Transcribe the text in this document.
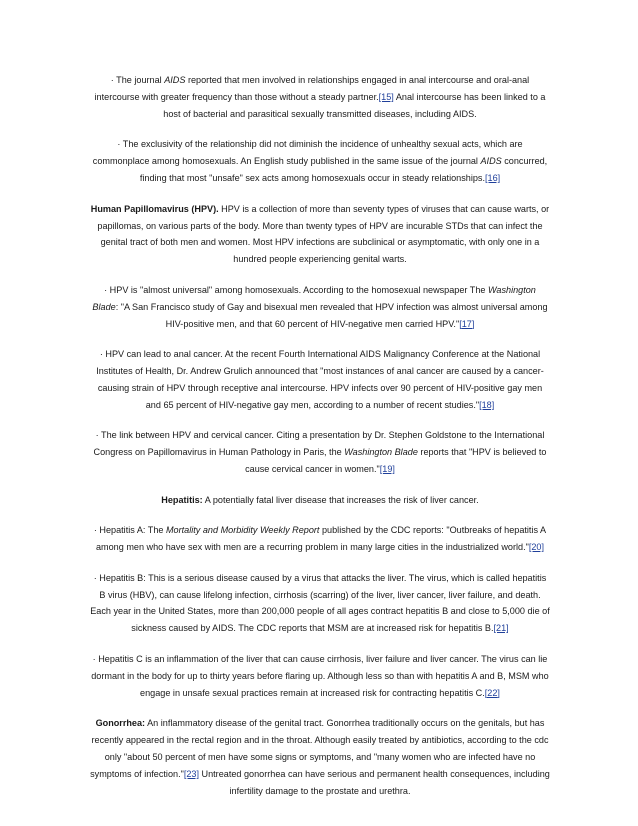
· The journal AIDS reported that men involved in relationships engaged in anal intercourse and oral-anal intercourse with greater frequency than those without a steady partner.[15] Anal intercourse has been linked to a host of bacterial and parasitical sexually transmitted diseases, including AIDS.

· The exclusivity of the relationship did not diminish the incidence of unhealthy sexual acts, which are commonplace among homosexuals. An English study published in the same issue of the journal AIDS concurred, finding that most "unsafe" sex acts among homosexuals occur in steady relationships.[16]

Human Papillomavirus (HPV). HPV is a collection of more than seventy types of viruses that can cause warts, or papillomas, on various parts of the body. More than twenty types of HPV are incurable STDs that can infect the genital tract of both men and women. Most HPV infections are subclinical or asymptomatic, with only one in a hundred people experiencing genital warts.

· HPV is "almost universal" among homosexuals. According to the homosexual newspaper The Washington Blade: "A San Francisco study of Gay and bisexual men revealed that HPV infection was almost universal among HIV-positive men, and that 60 percent of HIV-negative men carried HPV."[17]

· HPV can lead to anal cancer. At the recent Fourth International AIDS Malignancy Conference at the National Institutes of Health, Dr. Andrew Grulich announced that "most instances of anal cancer are caused by a cancer-causing strain of HPV through receptive anal intercourse. HPV infects over 90 percent of HIV-positive gay men and 65 percent of HIV-negative gay men, according to a number of recent studies."[18]

· The link between HPV and cervical cancer. Citing a presentation by Dr. Stephen Goldstone to the International Congress on Papillomavirus in Human Pathology in Paris, the Washington Blade reports that "HPV is believed to cause cervical cancer in women."[19]

Hepatitis: A potentially fatal liver disease that increases the risk of liver cancer.

· Hepatitis A: The Mortality and Morbidity Weekly Report published by the CDC reports: "Outbreaks of hepatitis A among men who have sex with men are a recurring problem in many large cities in the industrialized world."[20]

· Hepatitis B: This is a serious disease caused by a virus that attacks the liver. The virus, which is called hepatitis B virus (HBV), can cause lifelong infection, cirrhosis (scarring) of the liver, liver cancer, liver failure, and death. Each year in the United States, more than 200,000 people of all ages contract hepatitis B and close to 5,000 die of sickness caused by AIDS. The CDC reports that MSM are at increased risk for hepatitis B.[21]

· Hepatitis C is an inflammation of the liver that can cause cirrhosis, liver failure and liver cancer. The virus can lie dormant in the body for up to thirty years before flaring up. Although less so than with hepatitis A and B, MSM who engage in unsafe sexual practices remain at increased risk for contracting hepatitis C.[22]

Gonorrhea: An inflammatory disease of the genital tract. Gonorrhea traditionally occurs on the genitals, but has recently appeared in the rectal region and in the throat. Although easily treated by antibiotics, according to the cdc only "about 50 percent of men have some signs or symptoms, and "many women who are infected have no symptoms of infection."[23] Untreated gonorrhea can have serious and permanent health consequences, including infertility damage to the prostate and urethra.
